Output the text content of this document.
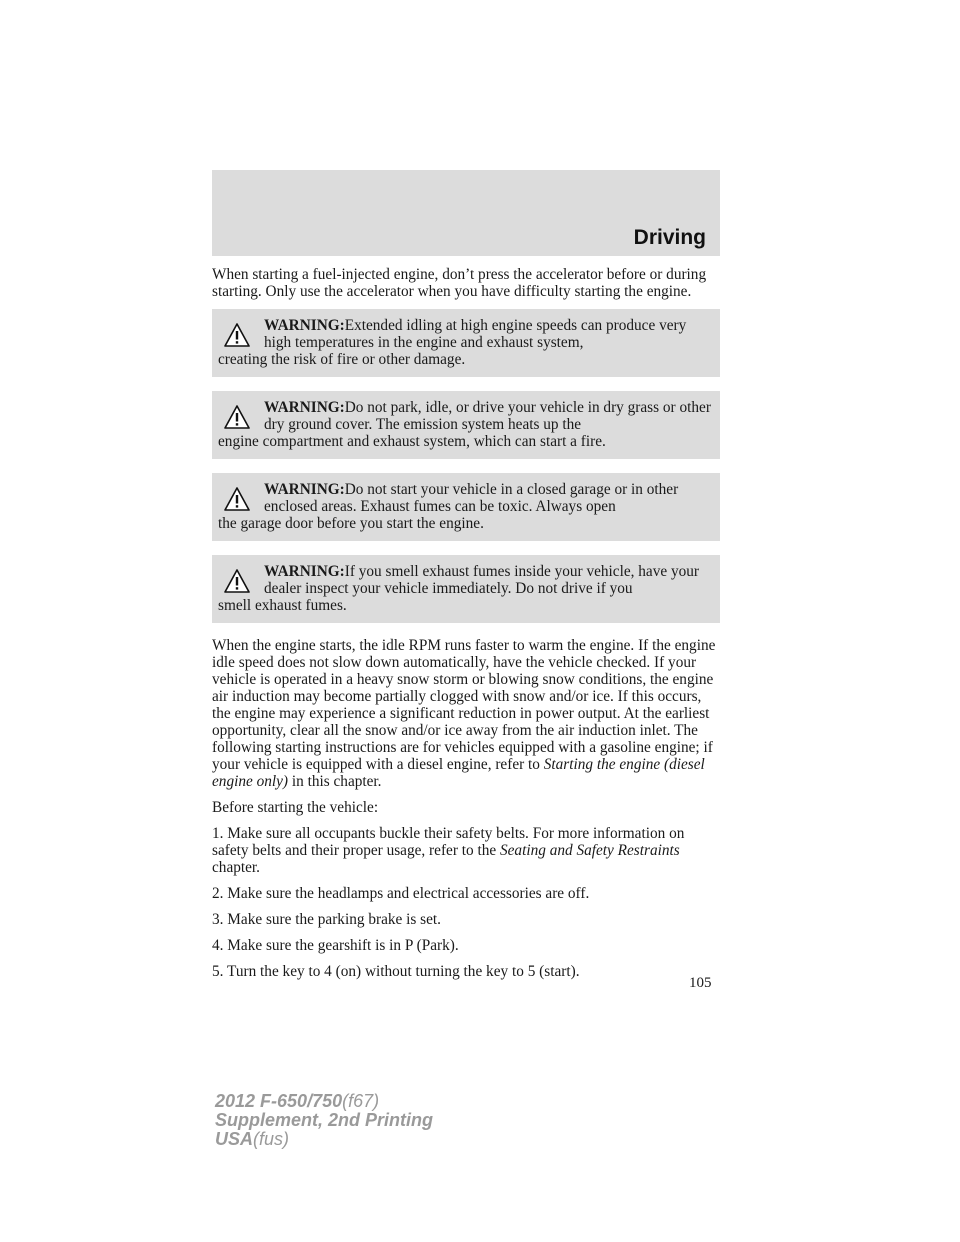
Driving

When starting a fuel-injected engine, don’t press the accelerator before or during starting. Only use the accelerator when you have difficulty starting the engine.

WARNING:Extended idling at high engine speeds can produce very high temperatures in the engine and exhaust system,
creating the risk of fire or other damage.
WARNING:Do not park, idle, or drive your vehicle in dry grass or other dry ground cover. The emission system heats up the
engine compartment and exhaust system, which can start a fire.
WARNING:Do not start your vehicle in a closed garage or in other enclosed areas. Exhaust fumes can be toxic. Always open
the garage door before you start the engine.
WARNING:If you smell exhaust fumes inside your vehicle, have your dealer inspect your vehicle immediately. Do not drive if you
smell exhaust fumes.

When the engine starts, the idle RPM runs faster to warm the engine. If the engine idle speed does not slow down automatically, have the vehicle checked. If your vehicle is operated in a heavy snow storm or blowing snow conditions, the engine air induction may become partially clogged with snow and/or ice. If this occurs, the engine may experience a significant reduction in power output. At the earliest opportunity, clear all the snow and/or ice away from the air induction inlet. The following starting instructions are for vehicles equipped with a gasoline engine; if your vehicle is equipped with a diesel engine, refer to Starting the engine (diesel engine only) in this chapter.

Before starting the vehicle:

1. Make sure all occupants buckle their safety belts. For more information on safety belts and their proper usage, refer to the Seating and Safety Restraints chapter.

2. Make sure the headlamps and electrical accessories are off.

3. Make sure the parking brake is set.

4. Make sure the gearshift is in P (Park).

5. Turn the key to 4 (on) without turning the key to 5 (start).

105
2012 F-650/750(f67)
Supplement, 2nd Printing
USA(fus)
